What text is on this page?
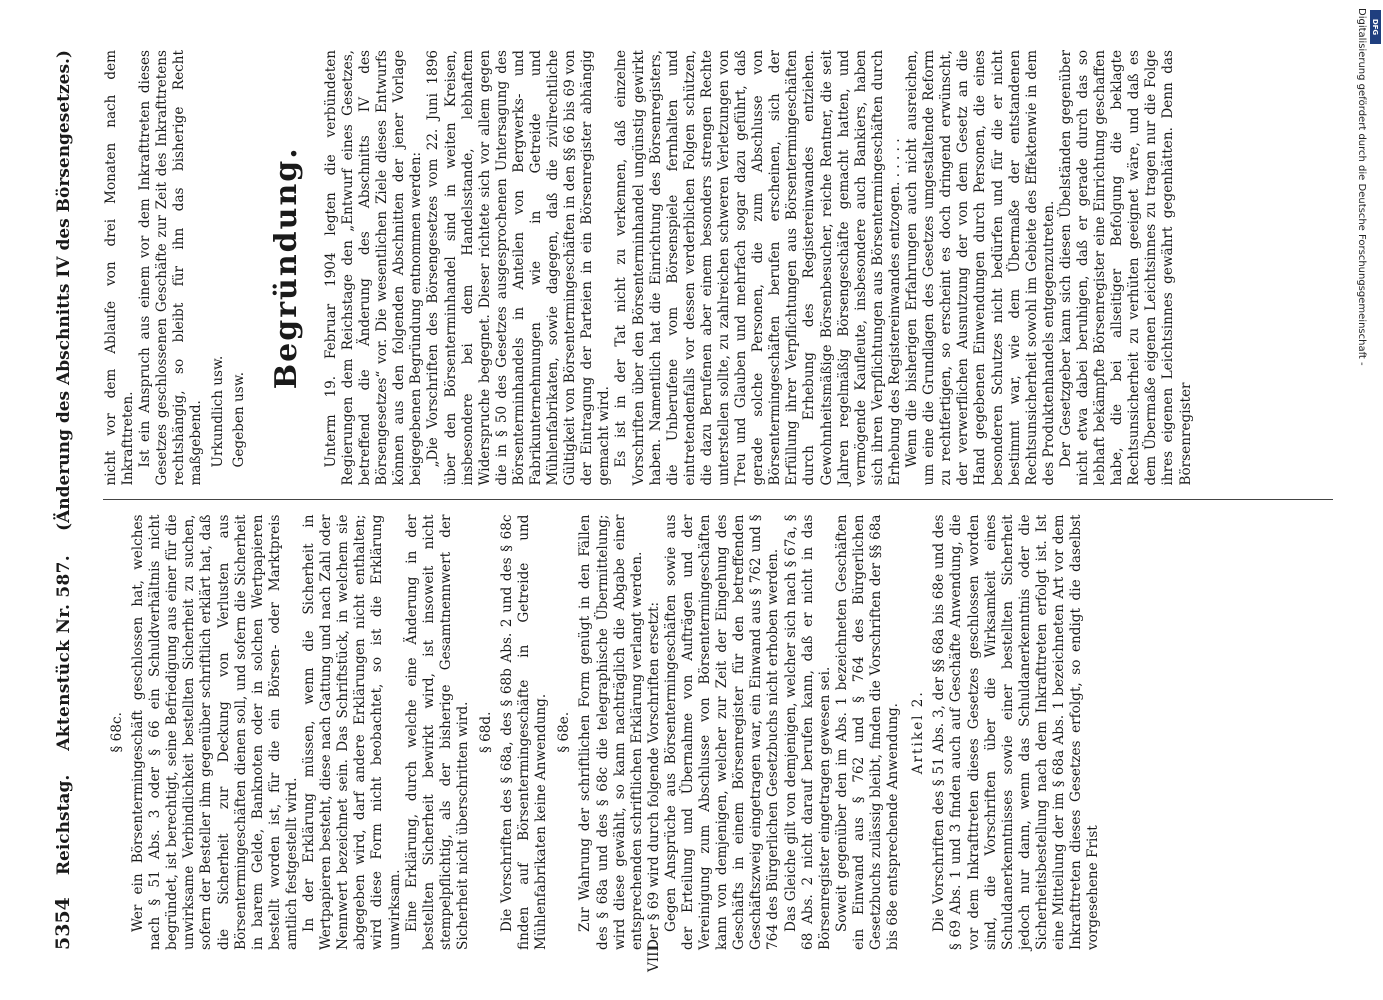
5354
Reichstag.
Aktenstück Nr. 587.
(Änderung des Abschnitts IV des Börsengesetzes.)
§ 68c. Wer ein Börsentermingeschäft geschlossen hat, welches nach § 51 Abs. 3 oder § 66 ein Schuldverhältnis nicht begründet, ist berechtigt, seine Befriedigung aus einer für die unwirksame Verbindlichkeit bestellten Sicherheit zu suchen, sofern der Besteller ihm gegenüber schriftlich erklärt hat, daß die Sicherheit zur Deckung von Verlusten aus Börsentermingeschäften dienen soll, und sofern die Sicherheit in barem Gelde, Banknoten oder in solchen Wertpapieren bestellt worden ist, für die ein Börsen- oder Marktpreis amtlich festgestellt wird. In der Erklärung müssen, wenn die Sicherheit in Wertpapieren besteht, diese nach Gattung und nach Zahl oder Nennwert bezeichnet sein. Das Schriftstück, in welchem sie abgegeben wird, darf andere Erklärungen nicht enthalten; wird diese Form nicht beobachtet, so ist die Erklärung unwirksam. Eine Erklärung, durch welche eine Änderung in der bestellten Sicherheit bewirkt wird, ist insoweit nicht stempelpflichtig, als der bisherige Gesamtnennwert der Sicherheit nicht überschritten wird. § 68d. Die Vorschriften des § 68a, des § 68b Abs. 2 und des § 68c finden auf Börsentermingeschäfte in Getreide und Mühlenfabrikaten keine Anwendung. § 68e. Zur Wahrung der schriftlichen Form genügt in den Fällen des § 68a und des § 68c die telegraphische Übermittelung; wird diese gewählt, so kann nachträglich die Abgabe einer entsprechenden schriftlichen Erklärung verlangt werden.

VIII.

Der § 69 wird durch folgende Vorschriften ersetzt: Gegen Ansprüche aus Börsentermingeschäften sowie aus der Erteilung und Übernahme von Aufträgen und der Vereinigung zum Abschlusse von Börsentermingeschäften kann von demjenigen, welcher zur Zeit der Eingehung des Geschäfts in einem Börsenregister für den betreffenden Geschäftszweig eingetragen war, ein Einwand aus § 762 und § 764 des Bürgerlichen Gesetzbuchs nicht erhoben werden. Das Gleiche gilt von demjenigen, welcher sich nach § 67a, § 68 Abs. 2 nicht darauf berufen kann, daß er nicht in das Börsenregister eingetragen gewesen sei. Soweit gegenüber den im Abs. 1 bezeichneten Geschäften ein Einwand aus § 762 und § 764 des Bürgerlichen Gesetzbuchs zulässig bleibt, finden die Vorschriften der §§ 68a bis 68e entsprechende Anwendung. Artikel 2. Die Vorschriften des § 51 Abs. 3, der §§ 68a bis 68e und des § 69 Abs. 1 und 3 finden auch auf Geschäfte Anwendung, die vor dem Inkrafttreten dieses Gesetzes geschlossen worden sind, die Vorschriften über die Wirksamkeit eines Schuldanerkenntnisses sowie einer bestellten Sicherheit jedoch nur dann, wenn das Schuldanerkenntnis oder die Sicherheitsbestellung nach dem Inkrafttreten erfolgt ist. Ist eine Mitteilung der im § 68a Abs. 1 bezeichneten Art vor dem Inkrafttreten dieses Gesetzes erfolgt, so endigt die daselbst vorgesehene Frist

nicht vor dem Ablaufe von drei Monaten nach dem Inkrafttreten. Ist ein Anspruch aus einem vor dem Inkrafttreten dieses Gesetzes geschlossenen Geschäfte zur Zeit des Inkrafttretens rechtshängig, so bleibt für ihn das bisherige Recht maßgebend. Urkundlich usw. Gegeben usw.
Begründung. Unterm 19. Februar 1904 legten die verbündeten Regierungen dem Reichstage den „Entwurf eines Gesetzes, betreffend die Änderung des Abschnitts IV des Börsengesetzes“ vor. Die wesentlichen Ziele dieses Entwurfs können aus den folgenden Abschnitten der jener Vorlage beigegebenen Begründung entnommen werden: „Die Vorschriften des Börsengesetzes vom 22. Juni 1896 über den Börsenterminhandel sind in weiten Kreisen, insbesondere bei dem Handelsstande, lebhaftem Widerspruche begegnet. Dieser richtete sich vor allem gegen die in § 50 des Gesetzes ausgesprochenen Untersagung des Börsenterminhandels in Anteilen von Bergwerks- und Fabrikunternehmungen wie in Getreide und Mühlenfabrikaten, sowie dagegen, daß die zivilrechtliche Gültigkeit von Börsentermingeschäften in den §§ 66 bis 69 von der Eintragung der Parteien in ein Börsenregister abhängig gemacht wird. Es ist in der Tat nicht zu verkennen, daß einzelne Vorschriften über den Börsenterminhandel ungünstig gewirkt haben. Namentlich hat die Einrichtung des Börsenregisters, die Unberufene vom Börsenspiele fernhalten und eintretendenfalls vor dessen verderblichen Folgen schützen, die dazu Berufenen aber einem besonders strengen Rechte unterstellen sollte, zu zahlreichen schweren Verletzungen von Treu und Glauben und mehrfach sogar dazu geführt, daß gerade solche Personen, die zum Abschlusse von Börsentermingeschäften berufen erscheinen, sich der Erfüllung ihrer Verpflichtungen aus Börsentermingeschäften durch Erhebung des Registereinwandes entziehen. Gewohnheitsmäßige Börsenbesucher, reiche Rentner, die seit Jahren regelmäßig Börsengeschäfte gemacht hatten, und vermögende Kaufleute, insbesondere auch Bankiers, haben sich ihren Verpflichtungen aus Börsentermingeschäften durch Erhebung des Registereinwandes entzogen. . . . . . Wenn die bisherigen Erfahrungen auch nicht ausreichen, um eine die Grundlagen des Gesetzes umgestaltende Reform zu rechtfertigen, so erscheint es doch dringend erwünscht, der verwerflichen Ausnutzung der von dem Gesetz an die Hand gegebenen Einwendungen durch Personen, die eines besonderen Schutzes nicht bedürfen und für die er nicht bestimmt war, wie dem Übermaße der entstandenen Rechtsunsicherheit sowohl im Gebiete des Effektenwie in dem des Produktenhandels entgegenzutreten. Der Gesetzgeber kann sich diesen Übelständen gegenüber nicht etwa dabei beruhigen, daß er gerade durch das so lebhaft bekämpfte Börsenregister eine Einrichtung geschaffen habe, die bei allseitiger Befolgung die beklagte Rechtsunsicherheit zu verhüten geeignet wäre, und daß es dem Übermaße eigenen Leichtsinnes zu tragen nur die Folge ihres eigenen Leichtsinnes gewährt gegenhätten. Denn das Börsenregister

Digitalisierung gefördert durch die Deutsche Forschungsgemeinschaft - DFG
